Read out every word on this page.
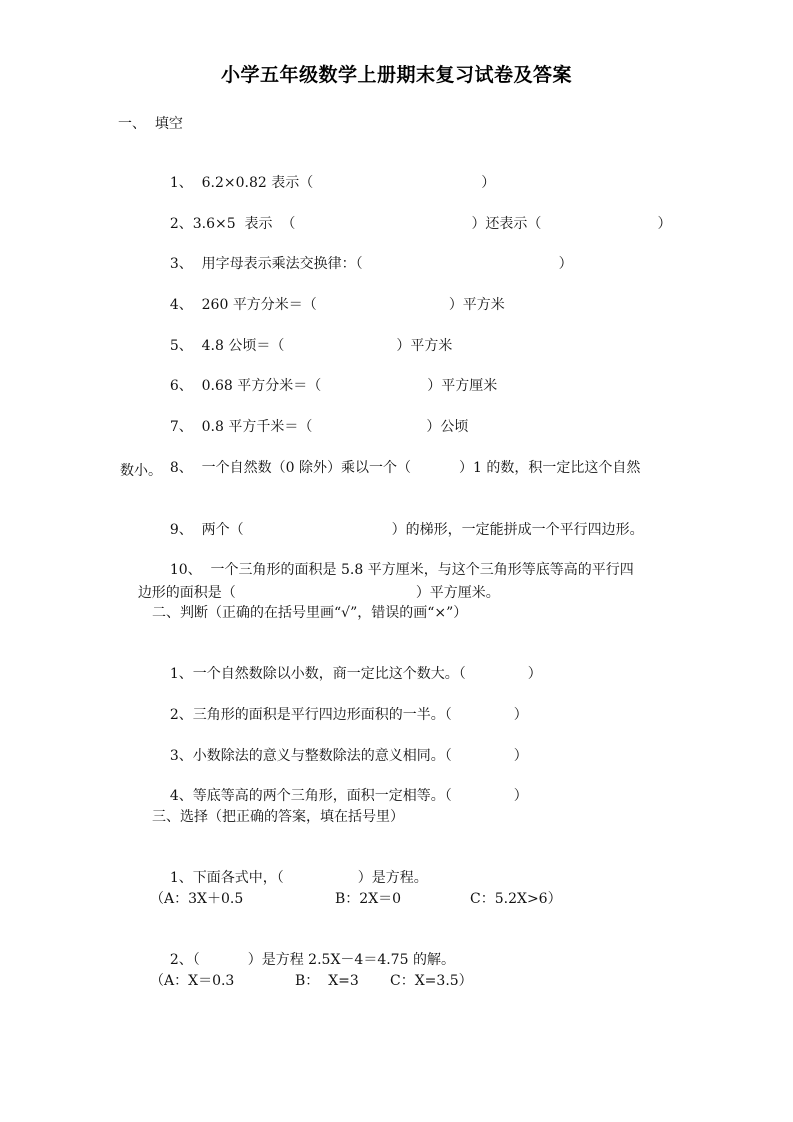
小学五年级数学上册期末复习试卷及答案
一、  填空

1、 6.2×0.82 表示（	）

2、3.6×5  表示  （	）还表示（	）

3、 用字母表示乘法交换律：（	）

4、 260 平方分米＝（	）平方米

5、 4.8 公顷＝（	）平方米

6、 0.68 平方分米＝（	）平方厘米

7、 0.8 平方千米＝（	）公顷

8、 一个自然数（0 除外）乘以一个（	）1 的数，积一定比这个自然

数小。

9、 两个（	）的梯形，一定能拼成一个平行四边形。

10、 一个三角形的面积是 5.8 平方厘米，与这个三角形等底等高的平行四

边形的面积是（	）平方厘米。

二、判断（正确的在括号里画“√”，错误的画“×”）

1、一个自然数除以小数，商一定比这个数大。（	）

2、三角形的面积是平行四边形面积的一半。（	）

3、小数除法的意义与整数除法的意义相同。（	）

4、等底等高的两个三角形，面积一定相等。（	）

三、选择（把正确的答案，填在括号里）

1、下面各式中，（	）是方程。

（A：3X＋0.5	B：2X＝0	C：5.2X>6）

2、（	）是方程 2.5X－4＝4.75 的解。

（A：X＝0.3	B：  X=3 C：X=3.5）
